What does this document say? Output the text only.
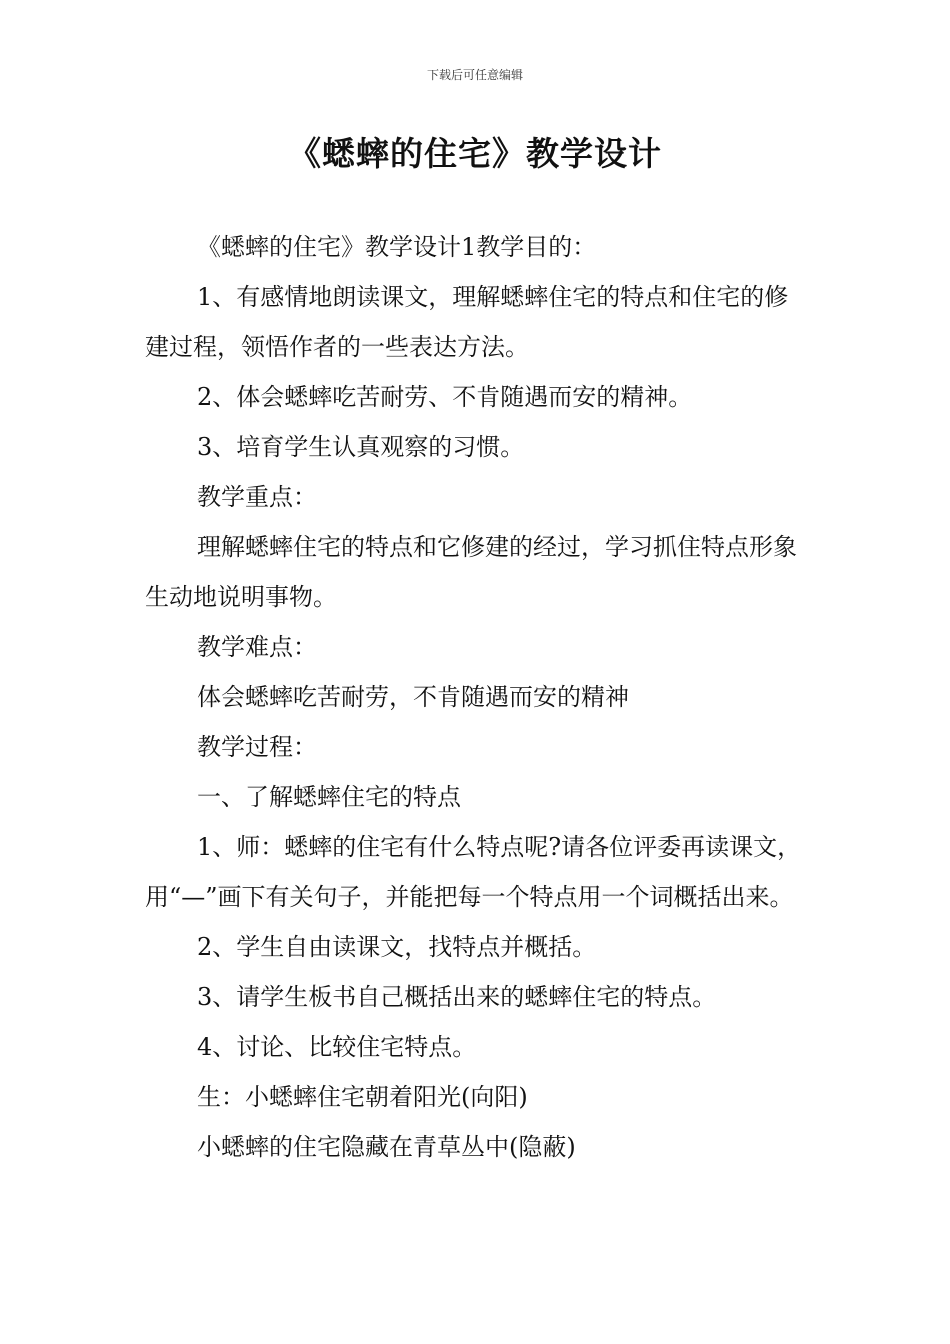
下载后可任意编辑
《蟋蟀的住宅》教学设计

《蟋蟀的住宅》教学设计1教学目的：

1、有感情地朗读课文，理解蟋蟀住宅的特点和住宅的修建过程，领悟作者的一些表达方法。

2、体会蟋蟀吃苦耐劳、不肯随遇而安的精神。

3、培育学生认真观察的习惯。

教学重点：

理解蟋蟀住宅的特点和它修建的经过，学习抓住特点形象生动地说明事物。

教学难点：

体会蟋蟀吃苦耐劳，不肯随遇而安的精神

教学过程：

一、了解蟋蟀住宅的特点

1、师：蟋蟀的住宅有什么特点呢?请各位评委再读课文，用“—”画下有关句子，并能把每一个特点用一个词概括出来。

2、学生自由读课文，找特点并概括。

3、请学生板书自己概括出来的蟋蟀住宅的特点。

4、讨论、比较住宅特点。

生：小蟋蟀住宅朝着阳光(向阳)

小蟋蟀的住宅隐藏在青草丛中(隐蔽)
